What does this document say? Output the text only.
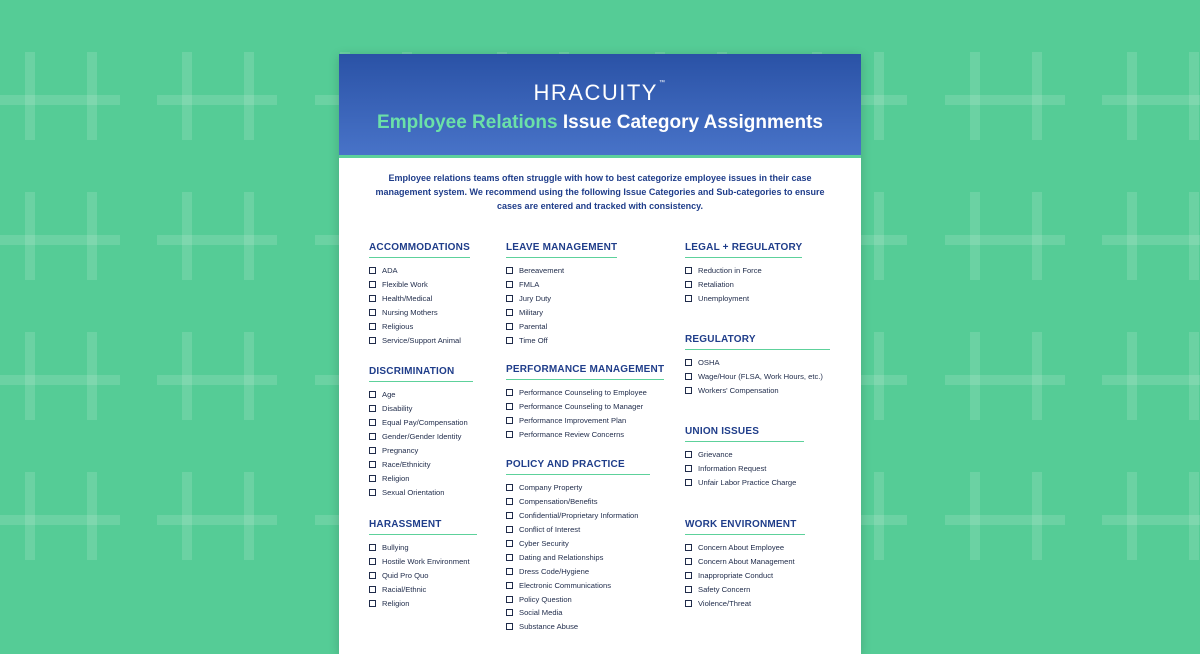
HRACUITY™
Employee Relations Issue Category Assignments
Employee relations teams often struggle with how to best categorize employee issues in their case management system. We recommend using the following Issue Categories and Sub-categories to ensure cases are entered and tracked with consistency.
ACCOMMODATIONS
ADA
Flexible Work
Health/Medical
Nursing Mothers
Religious
Service/Support Animal
DISCRIMINATION
Age
Disability
Equal Pay/Compensation
Gender/Gender Identity
Pregnancy
Race/Ethnicity
Religion
Sexual Orientation
HARASSMENT
Bullying
Hostile Work Environment
Quid Pro Quo
Racial/Ethnic
Religion
LEAVE MANAGEMENT
Bereavement
FMLA
Jury Duty
Military
Parental
Time Off
PERFORMANCE MANAGEMENT
Performance Counseling to Employee
Performance Counseling to Manager
Performance Improvement Plan
Performance Review Concerns
POLICY AND PRACTICE
Company Property
Compensation/Benefits
Confidential/Proprietary Information
Conflict of Interest
Cyber Security
Dating and Relationships
Dress Code/Hygiene
Electronic Communications
Policy Question
Social Media
Substance Abuse
LEGAL + REGULATORY
Reduction in Force
Retaliation
Unemployment
REGULATORY
OSHA
Wage/Hour (FLSA, Work Hours, etc.)
Workers' Compensation
UNION ISSUES
Grievance
Information Request
Unfair Labor Practice Charge
WORK ENVIRONMENT
Concern About Employee
Concern About Management
Inappropriate Conduct
Safety Concern
Violence/Threat
